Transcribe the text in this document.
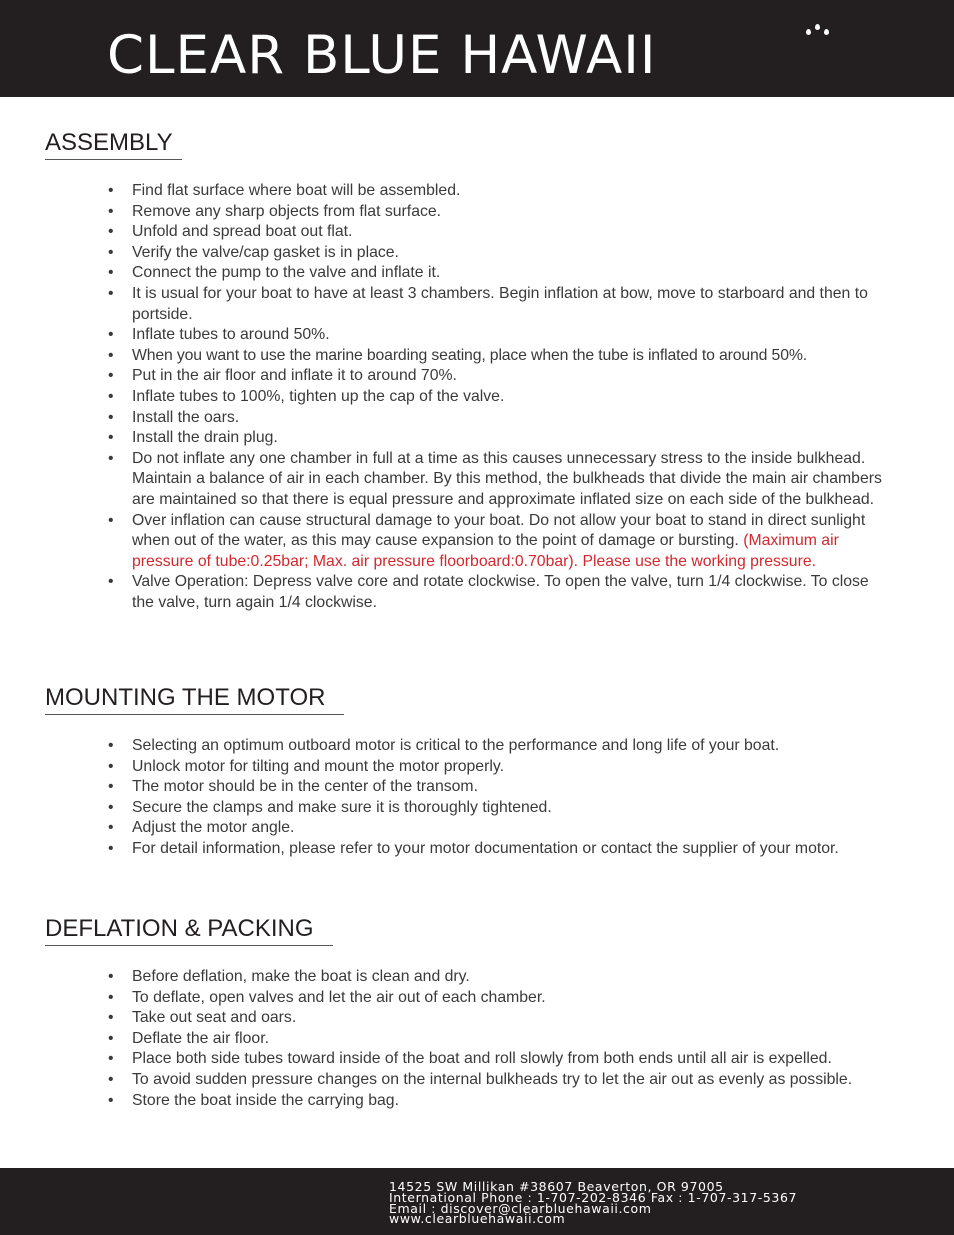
CLEAR BLUE HAWAII
ASSEMBLY
• Find flat surface where boat will be assembled.
• Remove any sharp objects from flat surface.
• Unfold and spread boat out flat.
• Verify the valve/cap gasket is in place.
• Connect the pump to the valve and inflate it.
• It is usual for your boat to have at least 3 chambers. Begin inflation at bow, move to starboard and then to portside.
• Inflate tubes to around 50%.
• When you want to use the marine boarding seating, place when the tube is inflated to around 50%.
• Put in the air floor and inflate it to around 70%.
• Inflate tubes to 100%, tighten up the cap of the valve.
• Install the oars.
• Install the drain plug.
• Do not inflate any one chamber in full at a time as this causes unnecessary stress to the inside bulkhead. Maintain a balance of air in each chamber. By this method, the bulkheads that divide the main air chambers are maintained so that there is equal pressure and approximate inflated size on each side of the bulkhead.
• Over inflation can cause structural damage to your boat. Do not allow your boat to stand in direct sunlight when out of the water, as this may cause expansion to the point of damage or bursting. (Maximum air pressure of tube:0.25bar; Max. air pressure floorboard:0.70bar). Please use the working pressure.
• Valve Operation: Depress valve core and rotate clockwise. To open the valve, turn 1/4 clockwise. To close the valve, turn again 1/4 clockwise.
MOUNTING THE MOTOR
• Selecting an optimum outboard motor is critical to the performance and long life of your boat.
• Unlock motor for tilting and mount the motor properly.
• The motor should be in the center of the transom.
• Secure the clamps and make sure it is thoroughly tightened.
• Adjust the motor angle.
• For detail information, please refer to your motor documentation or contact the supplier of your motor.
DEFLATION & PACKING
• Before deflation, make the boat is clean and dry.
• To deflate, open valves and let the air out of each chamber.
• Take out seat and oars.
• Deflate the air floor.
• Place both side tubes toward inside of the boat and roll slowly from both ends until all air is expelled.
• To avoid sudden pressure changes on the internal bulkheads try to let the air out as evenly as possible.
• Store the boat inside the carrying bag.
14525 SW Millikan #38607 Beaverton, OR 97005
International Phone : 1-707-202-8346 Fax : 1-707-317-5367
Email : discover@clearbluehawaii.com
www.clearbluehawaii.com
